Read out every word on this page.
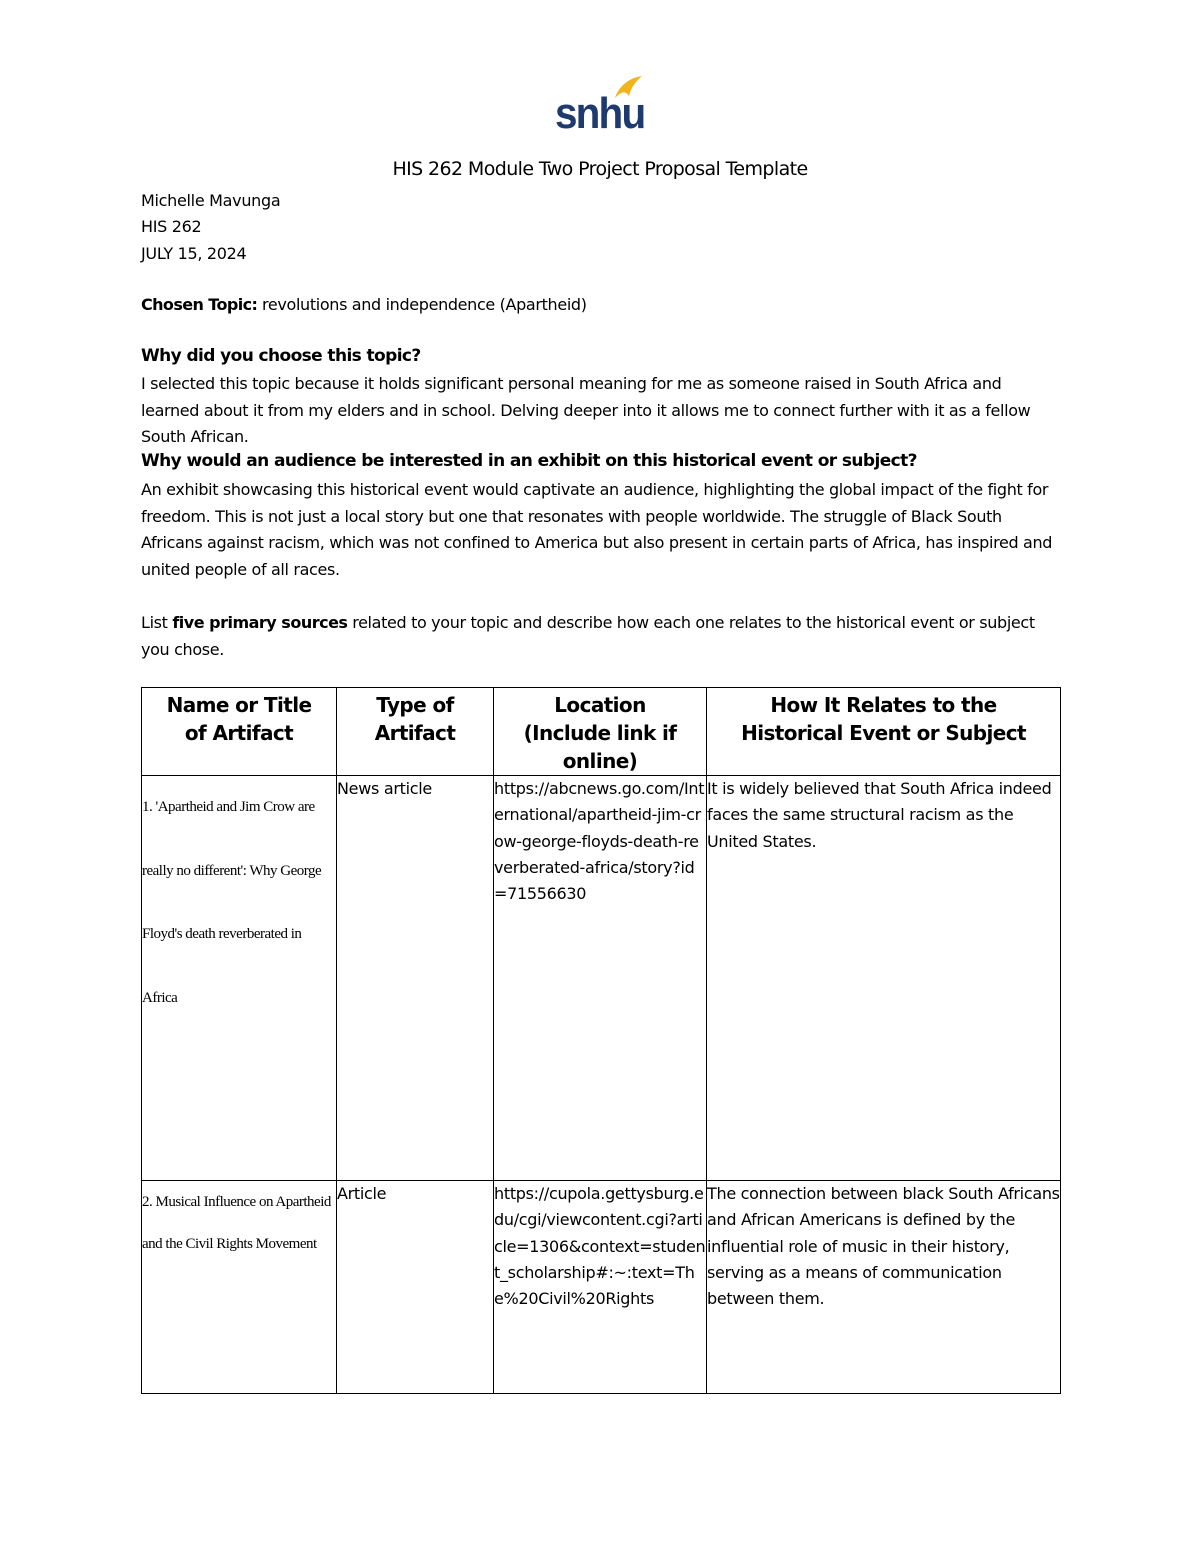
snhu
HIS 262 Module Two Project Proposal Template
Michelle Mavunga
HIS 262
JULY 15, 2024
Chosen Topic: revolutions and independence (Apartheid)
Why did you choose this topic?
I selected this topic because it holds significant personal meaning for me as someone raised in South Africa and learned about it from my elders and in school. Delving deeper into it allows me to connect further with it as a fellow South African.
Why would an audience be interested in an exhibit on this historical event or subject?
An exhibit showcasing this historical event would captivate an audience, highlighting the global impact of the fight for freedom. This is not just a local story but one that resonates with people worldwide. The struggle of Black South Africans against racism, which was not confined to America but also present in certain parts of Africa, has inspired and united people of all races.
List five primary sources related to your topic and describe how each one relates to the historical event or subject you chose.
Name or Title of Artifact	Type of Artifact	Location (Include link if online)	How It Relates to the Historical Event or Subject
1. 'Apartheid and Jim Crow are really no different': Why George Floyd's death reverberated in Africa	News article	https://abcnews.go.com/International/apartheid-jim-crow-george-floyds-death-reverberated-africa/story?id=71556630	It is widely believed that South Africa indeed faces the same structural racism as the United States.
2. Musical Influence on Apartheid and the Civil Rights Movement	Article	https://cupola.gettysburg.edu/cgi/viewcontent.cgi?article=1306&context=student_scholarship#:~:text=The%20Civil%20Rights	The connection between black South Africans and African Americans is defined by the influential role of music in their history, serving as a means of communication between them.
